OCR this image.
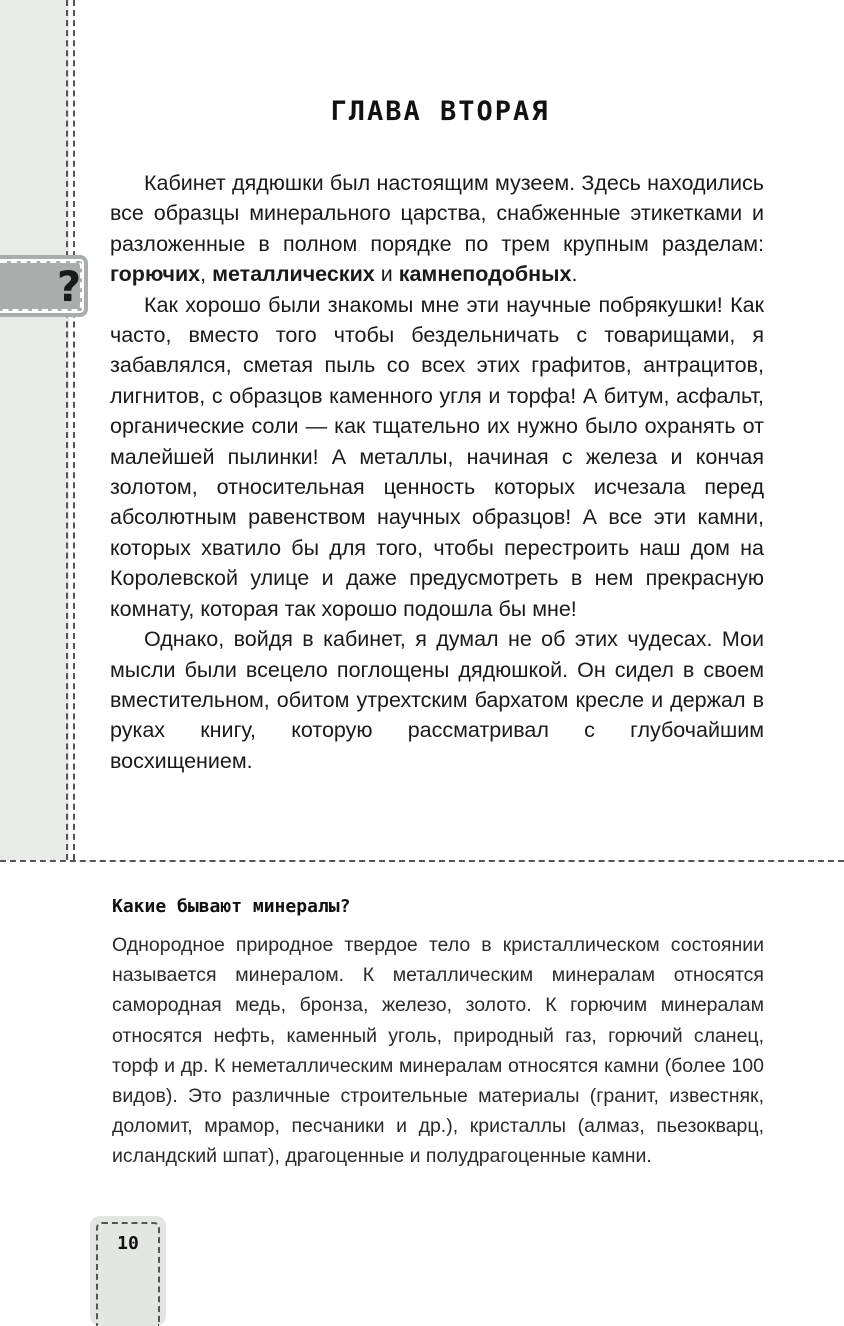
?
ГЛАВА ВТОРАЯ

Кабинет дядюшки был настоящим музеем. Здесь находились все образцы минерального царства, снабженные этикетками и разложенные в полном порядке по трем крупным разделам: горючих, металлических и камнеподобных.

Как хорошо были знакомы мне эти научные побрякушки! Как часто, вместо того чтобы бездельничать с товарищами, я забавлялся, сметая пыль со всех этих графитов, антрацитов, лигнитов, с образцов каменного угля и торфа! А битум, асфальт, органические соли — как тщательно их нужно было охранять от малейшей пылинки! А металлы, начиная с железа и кончая золотом, относительная ценность которых исчезала перед абсолютным равенством научных образцов! А все эти камни, которых хватило бы для того, чтобы перестроить наш дом на Королевской улице и даже предусмотреть в нем прекрасную комнату, которая так хорошо подошла бы мне!

Однако, войдя в кабинет, я думал не об этих чудесах. Мои мысли были всецело поглощены дядюшкой. Он сидел в своем вместительном, обитом утрехтским бархатом кресле и держал в руках книгу, которую рассматривал с глубочайшим восхищением.

Какие бывают минералы?

Однородное природное твердое тело в кристаллическом состоянии называется минералом. К металлическим минералам относятся самородная медь, бронза, железо, золото. К горючим минералам относятся нефть, каменный уголь, природный газ, горючий сланец, торф и др. К неметаллическим минералам относятся камни (более 100 видов). Это различные строительные материалы (гранит, известняк, доломит, мрамор, песчаники и др.), кристаллы (алмаз, пьезокварц, исландский шпат), драгоценные и полудрагоценные камни.

10
